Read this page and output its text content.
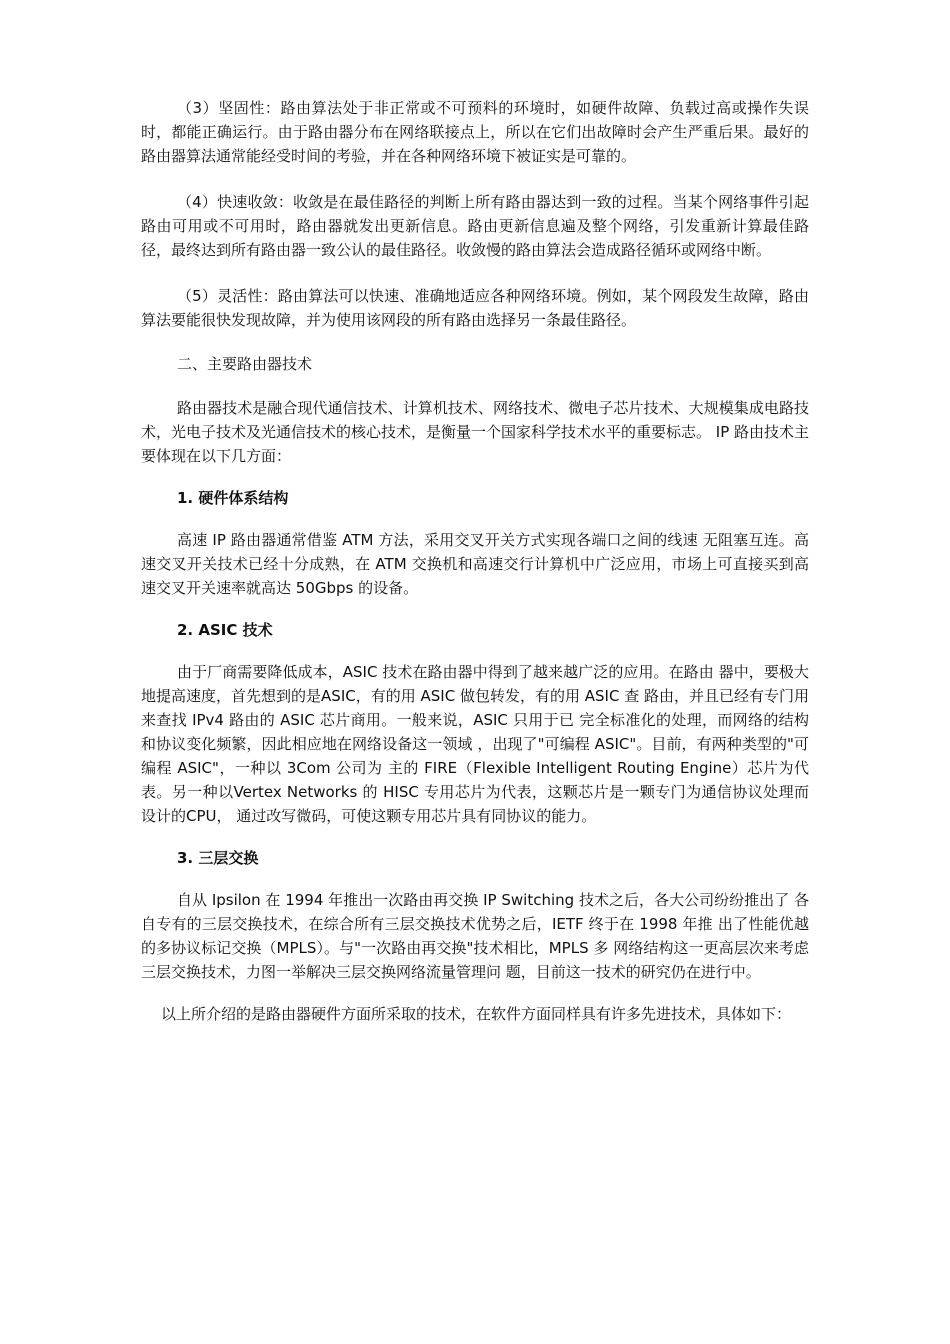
（3）坚固性：路由算法处于非正常或不可预料的环境时，如硬件故障、负载过高或操作失误时，都能正确运行。由于路由器分布在网络联接点上，所以在它们出故障时会产生严重后果。最好的路由器算法通常能经受时间的考验，并在各种网络环境下被证实是可靠的。

（4）快速收敛：收敛是在最佳路径的判断上所有路由器达到一致的过程。当某个网络事件引起路由可用或不可用时，路由器就发出更新信息。路由更新信息遍及整个网络，引发重新计算最佳路径，最终达到所有路由器一致公认的最佳路径。收敛慢的路由算法会造成路径循环或网络中断。

（5）灵活性：路由算法可以快速、准确地适应各种网络环境。例如，某个网段发生故障，路由算法要能很快发现故障，并为使用该网段的所有路由选择另一条最佳路径。

二、主要路由器技术

路由器技术是融合现代通信技术、计算机技术、网络技术、微电子芯片技术、大规模集成电路技术，光电子技术及光通信技术的核心技术，是衡量一个国家科学技术水平的重要标志。 IP 路由技术主要体现在以下几方面：

1. 硬件体系结构

高速 IP 路由器通常借鉴 ATM 方法，采用交叉开关方式实现各端口之间的线速 无阻塞互连。高速交叉开关技术已经十分成熟，在 ATM 交换机和高速交行计算机中广泛应用，市场上可直接买到高速交叉开关速率就高达 50Gbps 的设备。

2. ASIC 技术

由于厂商需要降低成本，ASIC 技术在路由器中得到了越来越广泛的应用。在路由 器中，要极大地提高速度，首先想到的是ASIC，有的用 ASIC 做包转发，有的用 ASIC 查 路由，并且已经有专门用来查找 IPv4 路由的 ASIC 芯片商用。一般来说，ASIC 只用于已 完全标准化的处理，而网络的结构和协议变化频繁，因此相应地在网络设备这一领域 ，出现了"可编程 ASIC"。目前，有两种类型的"可编程 ASIC"，一种以 3Com 公司为 主的 FIRE（Flexible Intelligent Routing Engine）芯片为代表。另一种以Vertex Networks 的 HISC 专用芯片为代表，这颗芯片是一颗专门为通信协议处理而设计的CPU， 通过改写微码，可使这颗专用芯片具有同协议的能力。

3. 三层交换

自从 Ipsilon 在 1994 年推出一次路由再交换 IP Switching 技术之后，各大公司纷纷推出了 各自专有的三层交换技术，在综合所有三层交换技术优势之后，IETF 终于在 1998 年推 出了性能优越的多协议标记交换（MPLS）。与"一次路由再交换"技术相比，MPLS 多 网络结构这一更高层次来考虑三层交换技术，力图一举解决三层交换网络流量管理问 题，目前这一技术的研究仍在进行中。

以上所介绍的是路由器硬件方面所采取的技术，在软件方面同样具有许多先进技术，具体如下：
